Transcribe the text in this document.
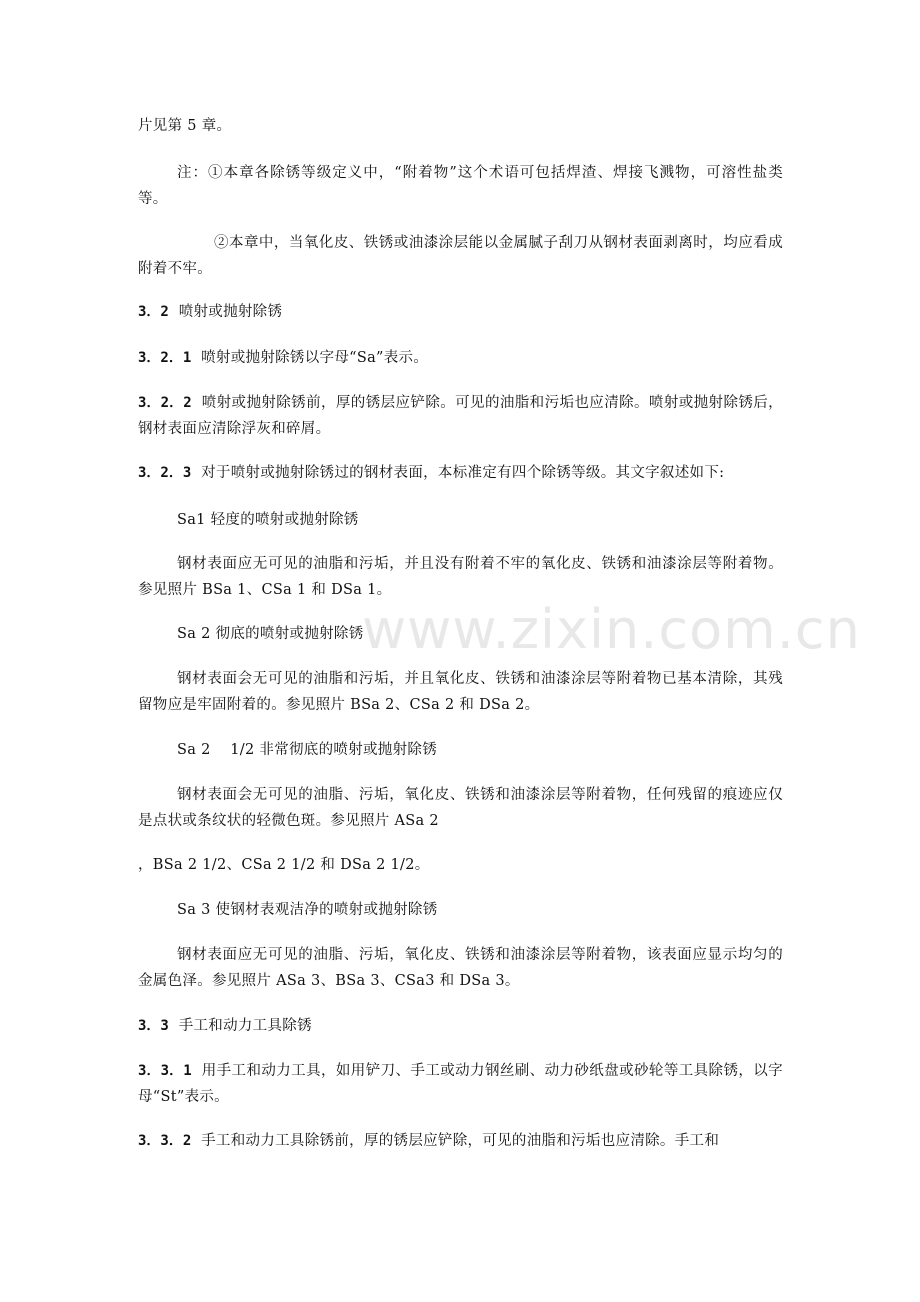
片见第 5 章。

注：①本章各除锈等级定义中，“附着物”这个术语可包括焊渣、焊接飞溅物，可溶性盐类等。

②本章中，当氧化皮、铁锈或油漆涂层能以金属腻子刮刀从钢材表面剥离时，均应看成附着不牢。

3．2 喷射或抛射除锈

3．2．1 喷射或抛射除锈以字母“Sa”表示。

3．2．2 喷射或抛射除锈前，厚的锈层应铲除。可见的油脂和污垢也应清除。喷射或抛射除锈后，钢材表面应清除浮灰和碎屑。

3．2．3 对于喷射或抛射除锈过的钢材表面，本标准定有四个除锈等级。其文字叙述如下:

Sa1 轻度的喷射或抛射除锈

钢材表面应无可见的油脂和污垢，并且没有附着不牢的氧化皮、铁锈和油漆涂层等附着物。参见照片 BSa 1、CSa 1 和 DSa 1。

Sa 2 彻底的喷射或抛射除锈

钢材表面会无可见的油脂和污垢，并且氧化皮、铁锈和油漆涂层等附着物已基本清除，其残留物应是牢固附着的。参见照片 BSa 2、CSa 2 和 DSa 2。

Sa 2    1/2 非常彻底的喷射或抛射除锈

钢材表面会无可见的油脂、污垢，氧化皮、铁锈和油漆涂层等附着物，任何残留的痕迹应仅是点状或条纹状的轻微色斑。参见照片 ASa 2

，BSa 2 1/2、CSa 2 1/2 和 DSa 2 1/2。

Sa 3 使钢材表观洁净的喷射或抛射除锈

钢材表面应无可见的油脂、污垢，氧化皮、铁锈和油漆涂层等附着物，该表面应显示均匀的金属色泽。参见照片 ASa 3、BSa 3、CSa3 和 DSa 3。

3．3 手工和动力工具除锈

3．3．1 用手工和动力工具，如用铲刀、手工或动力钢丝刷、动力砂纸盘或砂轮等工具除锈，以字母“St”表示。

3．3．2 手工和动力工具除锈前，厚的锈层应铲除，可见的油脂和污垢也应清除。手工和

www.zixin.com.cn
